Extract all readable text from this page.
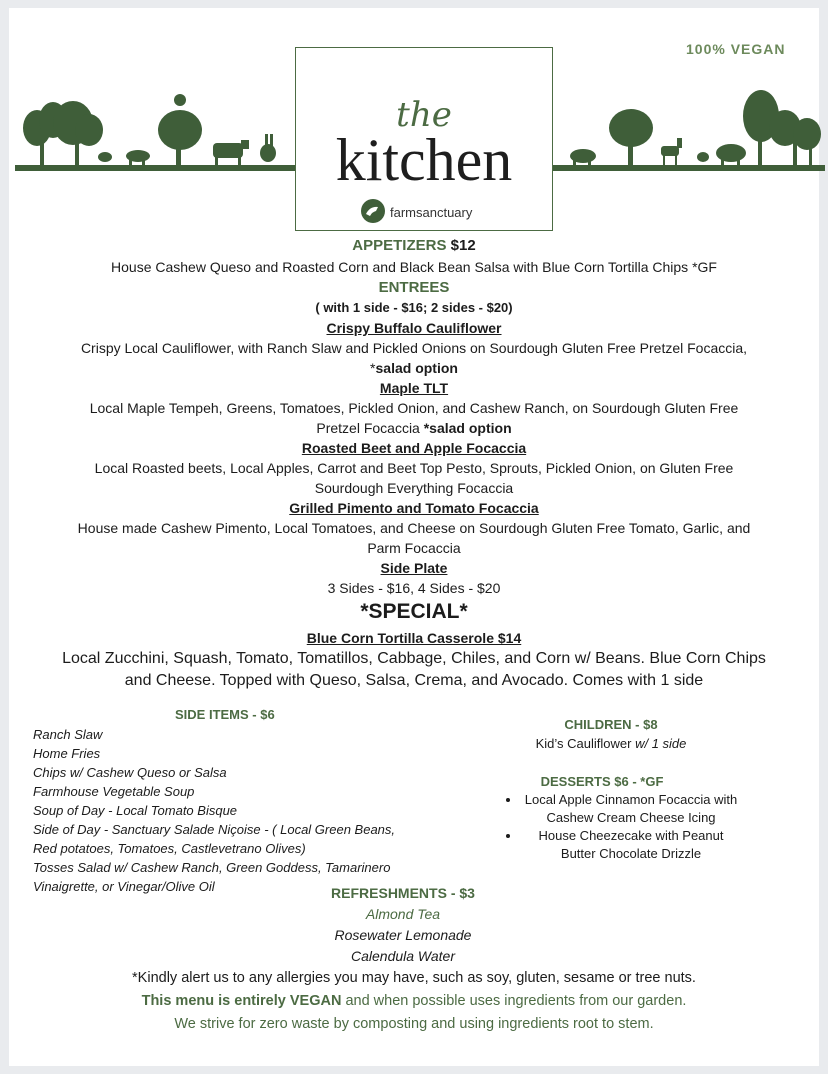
100% VEGAN
the
kitchen
farmsanctuary
APPETIZERS $12
House Cashew Queso and Roasted Corn and Black Bean Salsa with Blue Corn Tortilla Chips *GF
ENTREES
( with 1 side - $16; 2 sides - $20)
Crispy Buffalo Cauliflower
Crispy Local Cauliflower, with Ranch Slaw and Pickled Onions on Sourdough Gluten Free Pretzel Focaccia,
*salad option
Maple TLT
Local Maple Tempeh, Greens, Tomatoes, Pickled Onion, and Cashew Ranch, on Sourdough Gluten Free
Pretzel Focaccia *salad option
Roasted Beet and Apple Focaccia
Local Roasted beets, Local Apples, Carrot and Beet Top Pesto, Sprouts, Pickled Onion, on Gluten Free
Sourdough Everything Focaccia
Grilled Pimento and Tomato Focaccia
House made Cashew Pimento, Local Tomatoes, and Cheese on Sourdough Gluten Free Tomato, Garlic, and
Parm Focaccia
Side Plate
3 Sides - $16, 4 Sides - $20
*SPECIAL*
Blue Corn Tortilla Casserole $14
Local Zucchini, Squash, Tomato, Tomatillos, Cabbage, Chiles, and Corn w/ Beans. Blue Corn Chips
and Cheese. Topped with Queso, Salsa, Crema, and Avocado. Comes with 1 side
SIDE ITEMS - $6
Ranch Slaw
Home Fries
Chips w/ Cashew Queso or Salsa
Farmhouse Vegetable Soup
Soup of Day - Local Tomato Bisque
Side of Day - Sanctuary Salade Niçoise - ( Local Green Beans,
Red potatoes, Tomatoes, Castlevetrano Olives)
Tosses Salad w/ Cashew Ranch, Green Goddess, Tamarinero
Vinaigrette, or Vinegar/Olive Oil
CHILDREN - $8
Kid’s Cauliflower w/ 1 side
DESSERTS $6 - *GF
• Local Apple Cinnamon Focaccia with Cashew Cream Cheese Icing
• House Cheezecake with Peanut Butter Chocolate Drizzle
REFRESHMENTS - $3
Almond Tea
Rosewater Lemonade
Calendula Water
*Kindly alert us to any allergies you may have, such as soy, gluten, sesame or tree nuts.
This menu is entirely VEGAN and when possible uses ingredients from our garden.
We strive for zero waste by composting and using ingredients root to stem.
